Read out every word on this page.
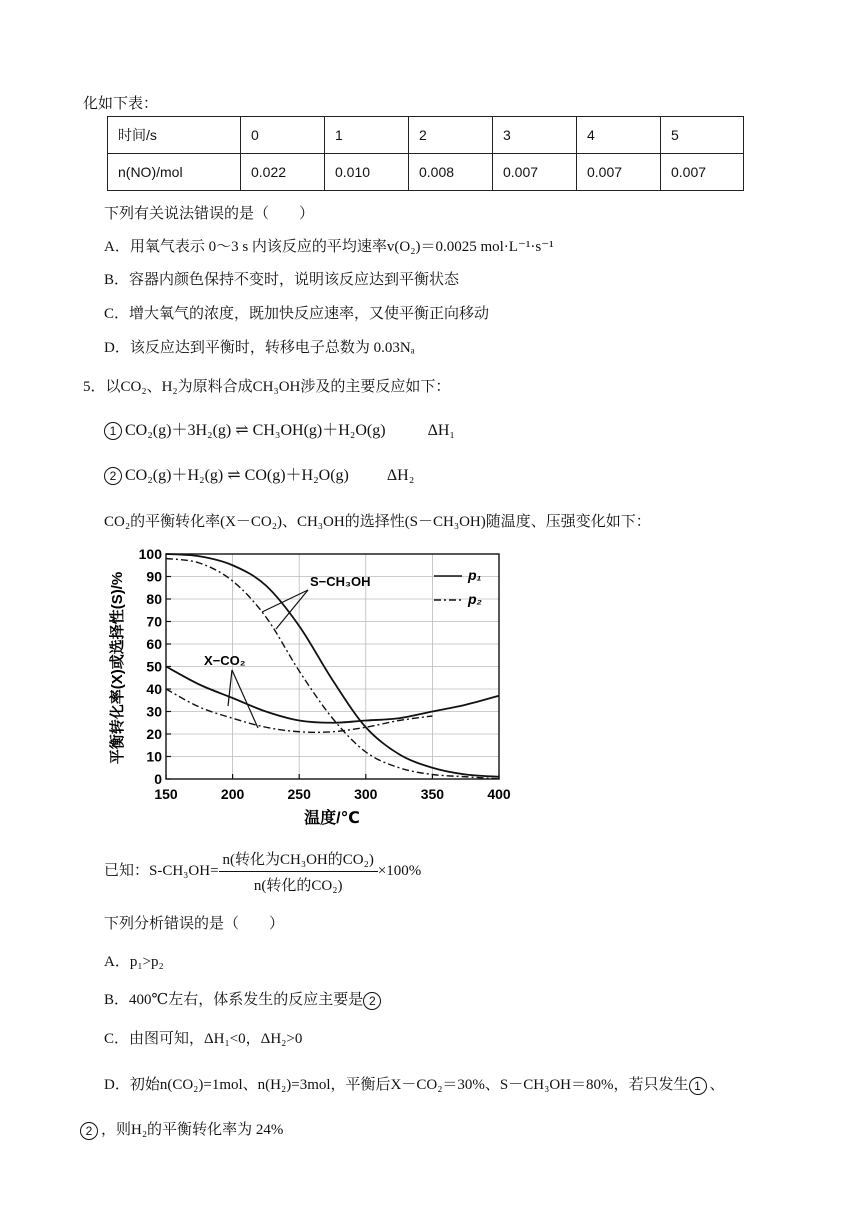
化如下表：
时间/s	0	1	2	3	4	5
n(NO)/mol	0.022	0.010	0.008	0.007	0.007	0.007
下列有关说法错误的是（　　）
A．用氧气表示 0～3 s 内该反应的平均速率v(O₂)＝0.0025 mol·L⁻¹·s⁻¹
B．容器内颜色保持不变时，说明该反应达到平衡状态
C．增大氧气的浓度，既加快反应速率，又使平衡正向移动
D．该反应达到平衡时，转移电子总数为 0.03Nₐ
5．以CO₂、H₂为原料合成CH₃OH涉及的主要反应如下：
1 CO₂(g)＋3H₂(g) ⇌ CH₃OH(g)＋H₂O(g)	ΔH₁
2 CO₂(g)＋H₂(g) ⇌ CO(g)＋H₂O(g) ΔH₂
CO₂的平衡转化率(X－CO₂)、CH₃OH的选择性(S－CH₃OH)随温度、压强变化如下：
150	200	250	300	350	400
0
10
20
30
40
50
60
70
80
90
100
温度/℃
平衡转化率(X)或选择性(S)/%	S−CH₃OH
X−CO₂
p₁
p₂
已知：$S-CH_3OH= \frac{\text{n(转化为CH₃OH的CO₂)}}{\text{n(转化的CO₂)}} \times 100\%$
下列分析错误的是（　　）
A．p₁>p₂
B．400℃左右，体系发生的反应主要是 2
C．由图可知，ΔH₁<0，ΔH₂>0
D．初始n(CO₂)=1mol、n(H₂)=3mol，平衡后X－CO₂＝30%、S－CH₃OH＝80%，若只发生 1 、
2 ，则H₂的平衡转化率为 24%
